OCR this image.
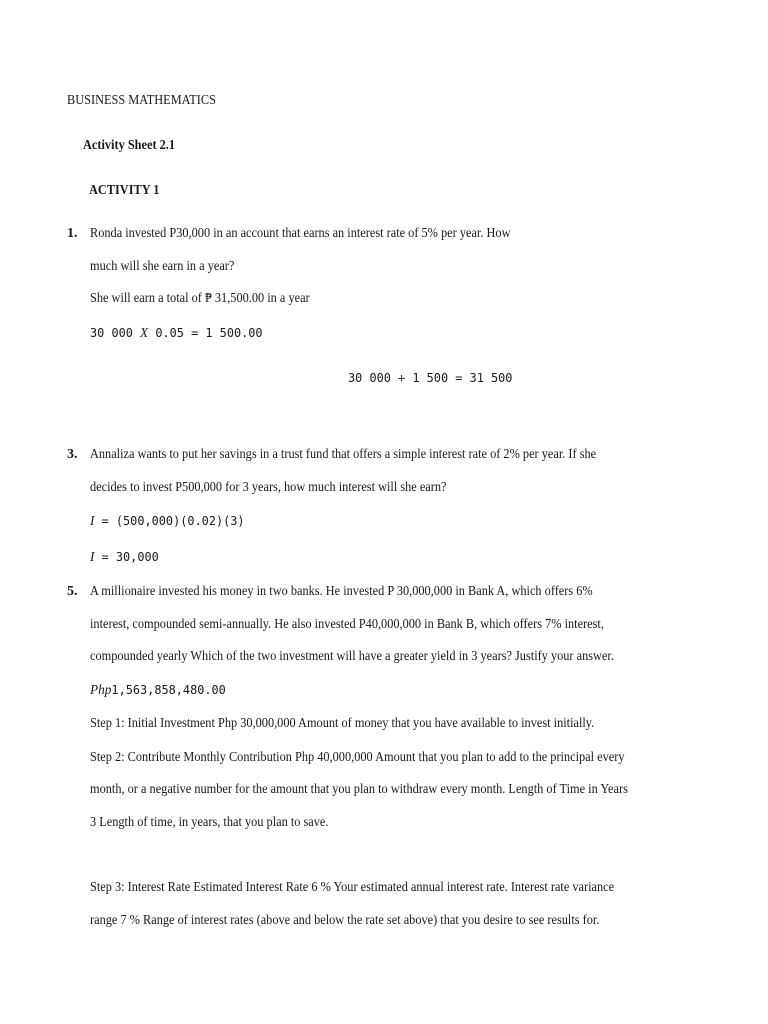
BUSINESS MATHEMATICS
Activity Sheet 2.1
ACTIVITY 1
1. Ronda invested P30,000 in an account that earns an interest rate of 5% per year. How
much will she earn in a year?
She will earn a total of ₱ 31,500.00 in a year
30 000 X 0.05 = 1 500.00
30 000 + 1 500 = 31 500
3. Annaliza wants to put her savings in a trust fund that offers a simple interest rate of 2% per year. If she
decides to invest P500,000 for 3 years, how much interest will she earn?
I = (500,000)(0.02)(3)
I = 30,000
5. A millionaire invested his money in two banks. He invested P 30,000,000 in Bank A, which offers 6%
interest, compounded semi-annually. He also invested P40,000,000 in Bank B, which offers 7% interest,
compounded yearly Which of the two investment will have a greater yield in 3 years? Justify your answer.
Php1,563,858,480.00
Step 1: Initial Investment Php 30,000,000 Amount of money that you have available to invest initially.
Step 2: Contribute Monthly Contribution Php 40,000,000 Amount that you plan to add to the principal every
month, or a negative number for the amount that you plan to withdraw every month. Length of Time in Years
3 Length of time, in years, that you plan to save.
Step 3: Interest Rate Estimated Interest Rate 6 % Your estimated annual interest rate. Interest rate variance
range 7 % Range of interest rates (above and below the rate set above) that you desire to see results for.
